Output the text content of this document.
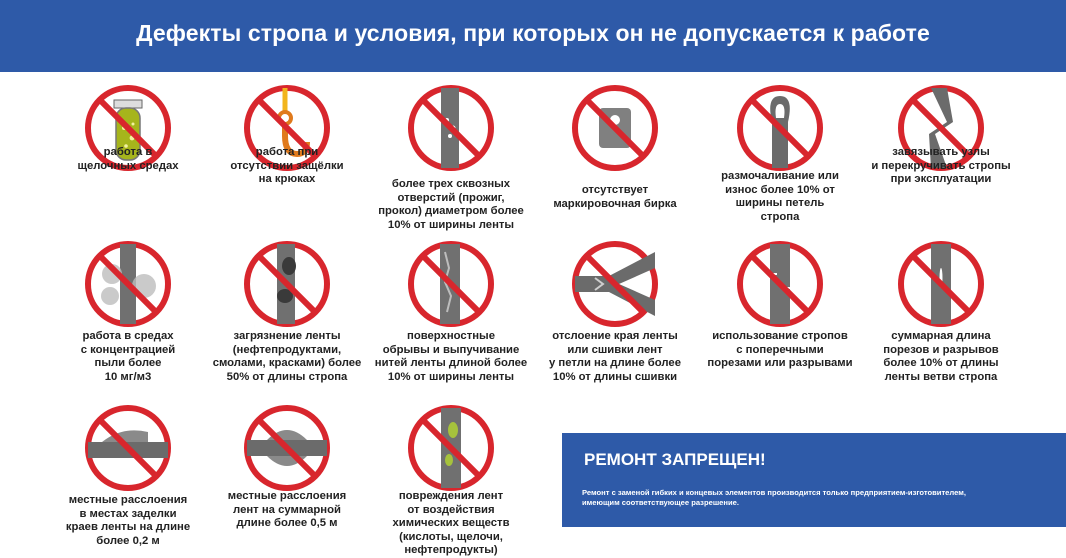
Дефекты стропа и условия, при которых он не допускается к работе
работа в
щелочных средах
работа при
отсутствии защёлки
на крюках	более трех сквозных
отверстий (прожиг,
прокол) диаметром более
10% от ширины ленты
отсутствует
маркировочная бирка
размочаливание или
износ более 10% от
ширины петель
стропа
завязывать узлы
и перекручивать стропы
при эксплуатации
работа в средах
с концентрацией
пыли более
10 мг/м3
загрязнение ленты
(нефтепродуктами,
смолами, красками) более
50% от длины стропа
поверхностные
обрывы и выпучивание
нитей ленты длиной более
10% от ширины ленты
отслоение края ленты
или сшивки лент
у петли на длине более
10% от длины сшивки
использование стропов
с поперечными
порезами или разрывами
суммарная длина
порезов и разрывов
более 10% от длины
ленты ветви стропа
местные расслоения
в местах заделки
краев ленты на длине
более 0,2 м
местные расслоения
лент на суммарной
длине более 0,5 м
повреждения лент
от воздействия
химических веществ
(кислоты, щелочи,
нефтепродукты)
РЕМОНТ ЗАПРЕЩЕН!
Ремонт с заменой гибких и концевых элементов производится только предприятием-изготовителем,
имеющим соответствующее разрешение.
